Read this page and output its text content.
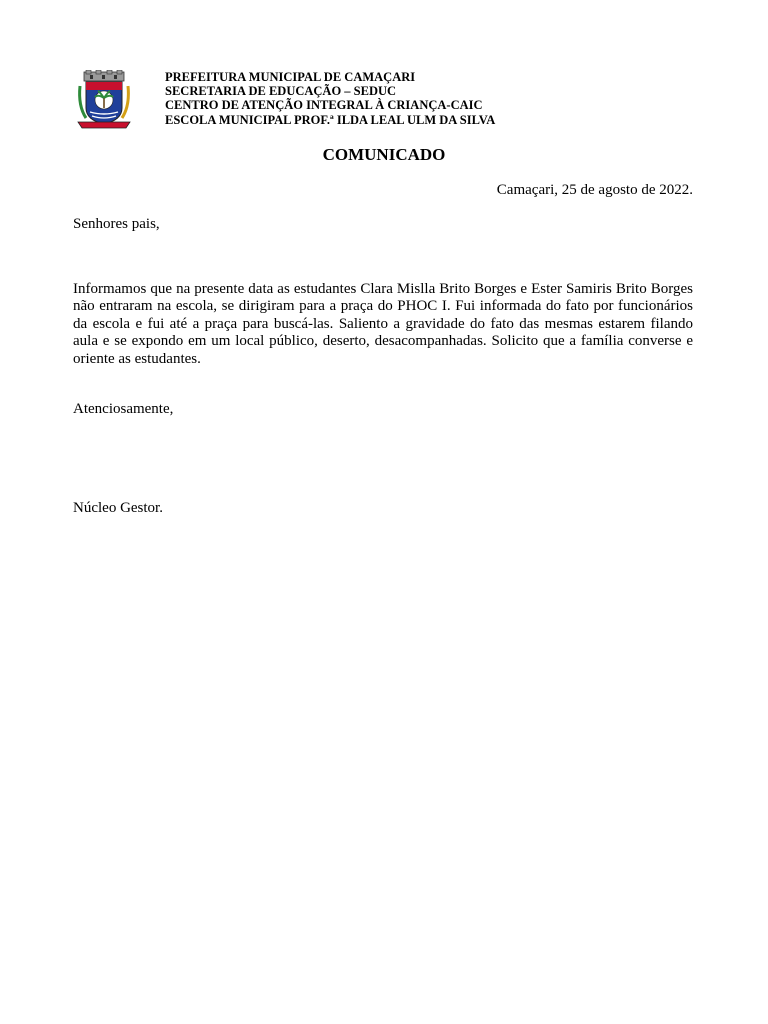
PREFEITURA MUNICIPAL DE CAMAÇARI
SECRETARIA DE EDUCAÇÃO – SEDUC
CENTRO DE ATENÇÃO INTEGRAL À CRIANÇA-CAIC
ESCOLA MUNICIPAL PROF.ª ILDA LEAL ULM DA SILVA
COMUNICADO
Camaçari, 25 de agosto de 2022.
Senhores pais,

Informamos que na presente data as estudantes Clara Mislla Brito Borges e Ester Samiris Brito Borges não entraram na escola, se dirigiram para a praça do PHOC I. Fui informada do fato por funcionários da escola e fui até a praça para buscá-las. Saliento a gravidade do fato das mesmas estarem filando aula e se expondo em um local público, deserto, desacompanhadas. Solicito que a família converse e oriente as estudantes.

Atenciosamente,
Núcleo Gestor.
